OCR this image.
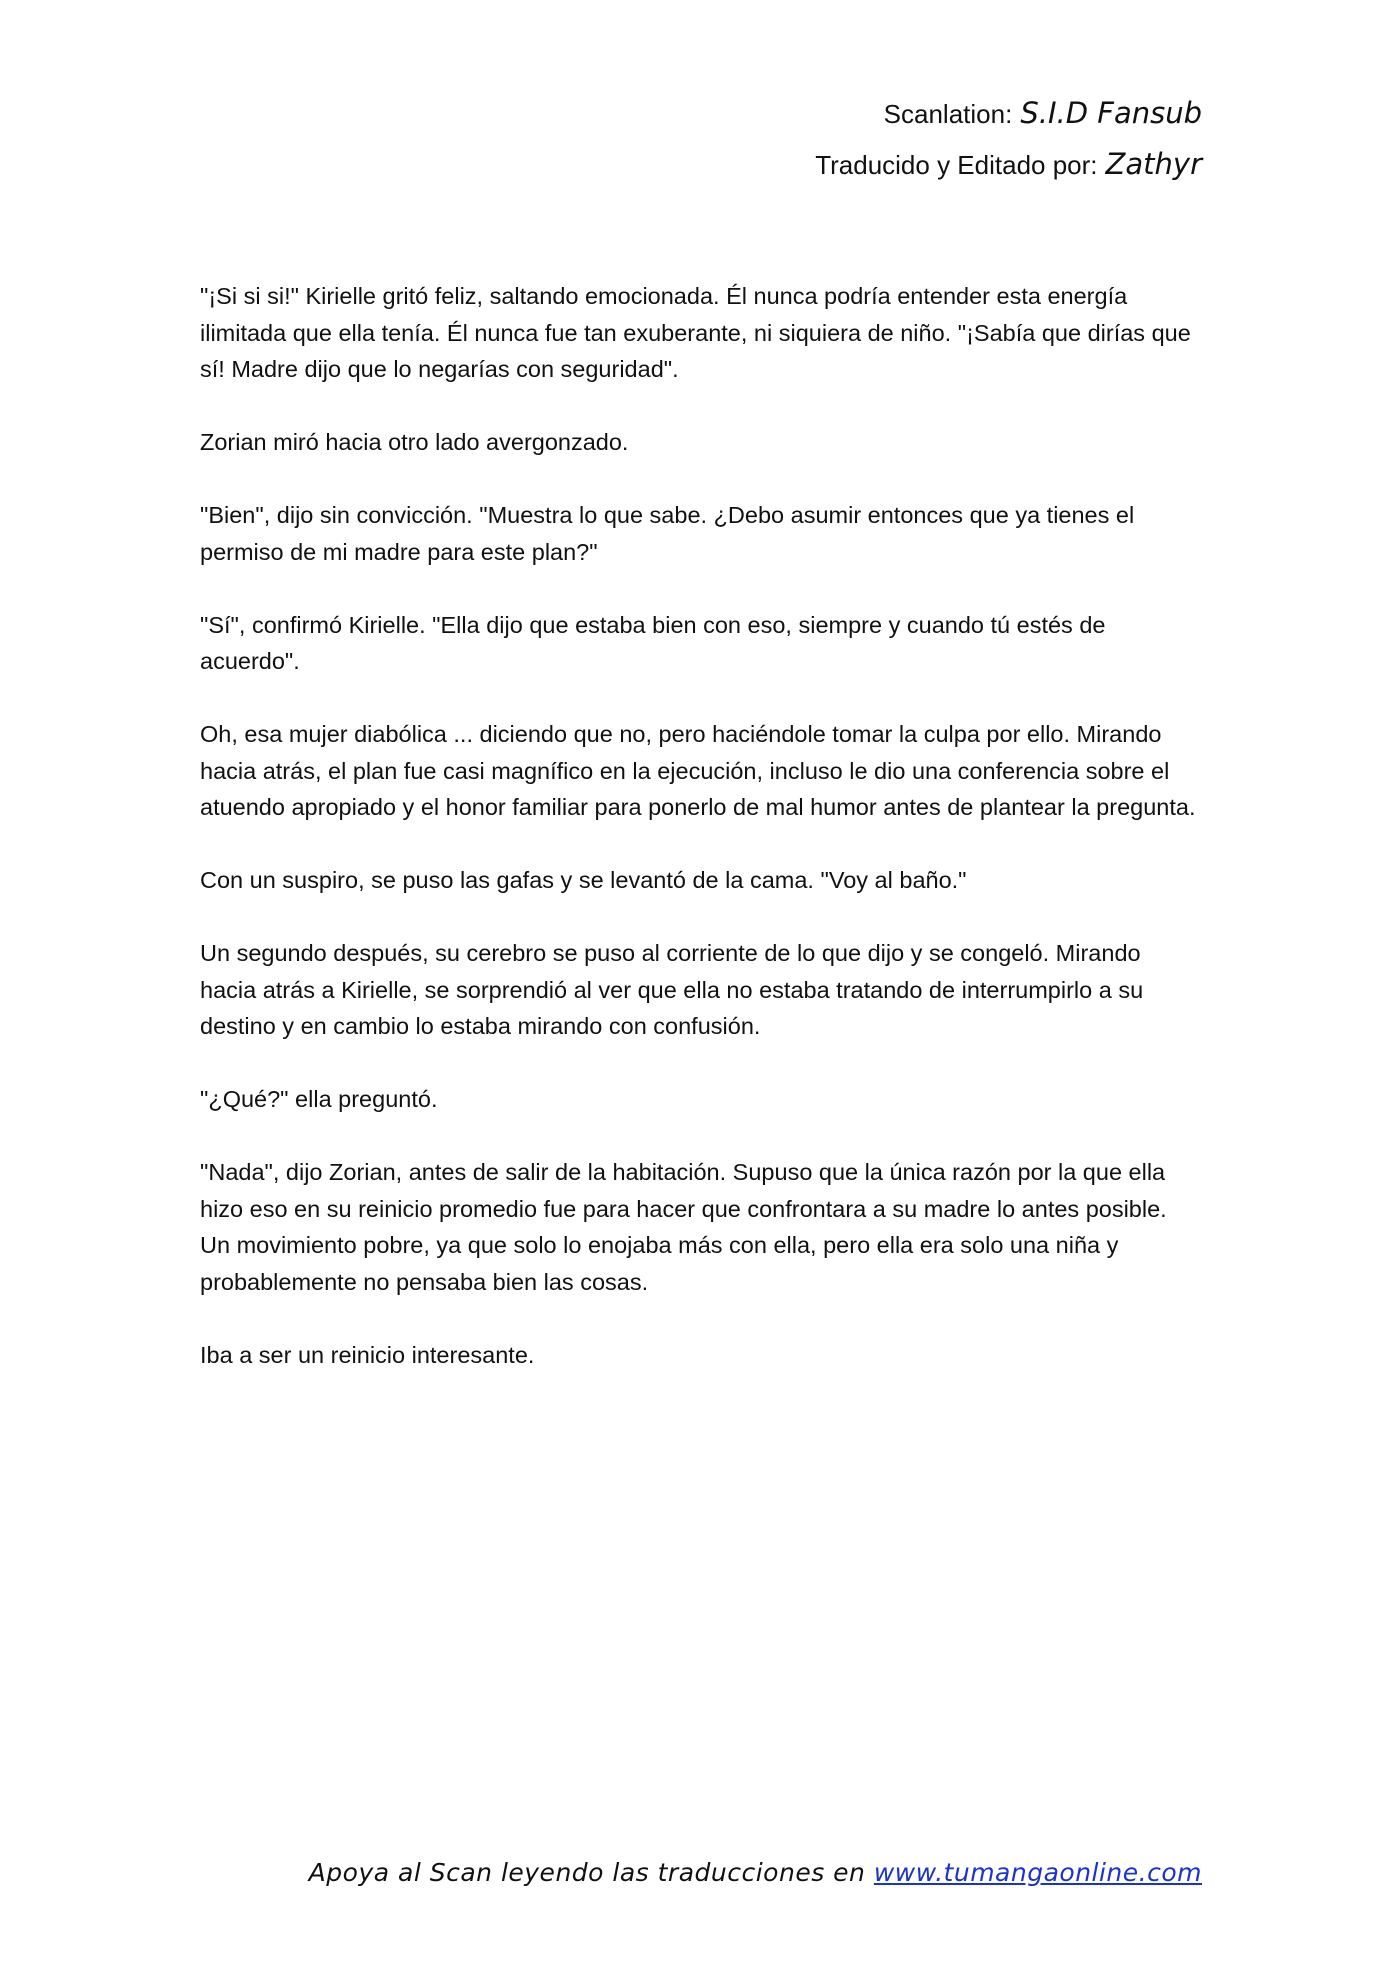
Scanlation: S.I.D Fansub
Traducido y Editado por: Zathyr

"¡Si si si!" Kirielle gritó feliz, saltando emocionada. Él nunca podría entender esta energía ilimitada que ella tenía. Él nunca fue tan exuberante, ni siquiera de niño. "¡Sabía que dirías que sí! Madre dijo que lo negarías con seguridad".

Zorian miró hacia otro lado avergonzado.

"Bien", dijo sin convicción. "Muestra lo que sabe. ¿Debo asumir entonces que ya tienes el permiso de mi madre para este plan?"

"Sí", confirmó Kirielle. "Ella dijo que estaba bien con eso, siempre y cuando tú estés de acuerdo".

Oh, esa mujer diabólica ... diciendo que no, pero haciéndole tomar la culpa por ello. Mirando hacia atrás, el plan fue casi magnífico en la ejecución, incluso le dio una conferencia sobre el atuendo apropiado y el honor familiar para ponerlo de mal humor antes de plantear la pregunta.

Con un suspiro, se puso las gafas y se levantó de la cama. "Voy al baño."

Un segundo después, su cerebro se puso al corriente de lo que dijo y se congeló. Mirando hacia atrás a Kirielle, se sorprendió al ver que ella no estaba tratando de interrumpirlo a su destino y en cambio lo estaba mirando con confusión.

"¿Qué?" ella preguntó.

"Nada", dijo Zorian, antes de salir de la habitación. Supuso que la única razón por la que ella hizo eso en su reinicio promedio fue para hacer que confrontara a su madre lo antes posible. Un movimiento pobre, ya que solo lo enojaba más con ella, pero ella era solo una niña y probablemente no pensaba bien las cosas.

Iba a ser un reinicio interesante.

Apoya al Scan leyendo las traducciones en www.tumangaonline.com
